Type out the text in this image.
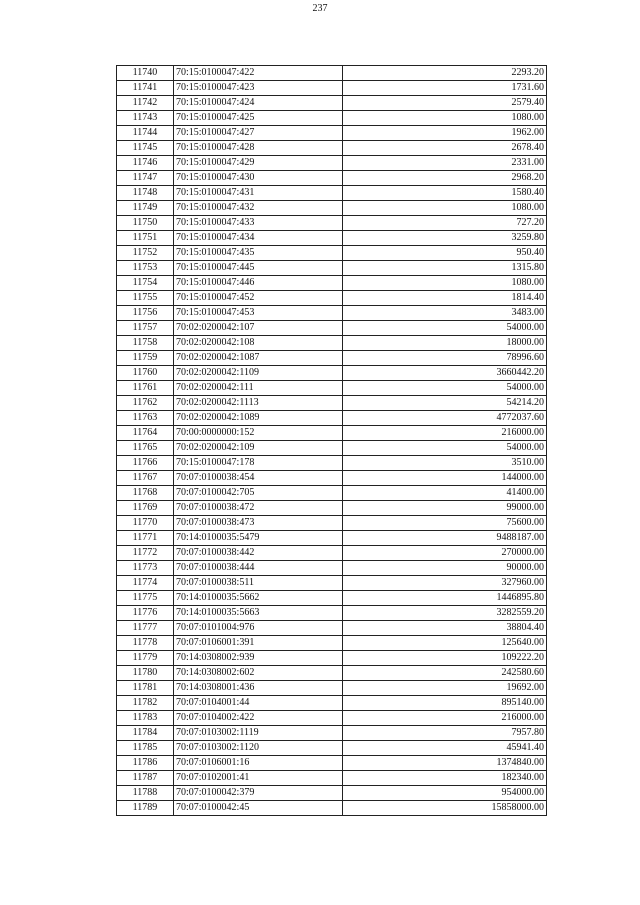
237
11740	70:15:0100047:422	2293.20
11741	70:15:0100047:423	1731.60
11742	70:15:0100047:424	2579.40
11743	70:15:0100047:425	1080.00
11744	70:15:0100047:427	1962.00
11745	70:15:0100047:428	2678.40
11746	70:15:0100047:429	2331.00
11747	70:15:0100047:430	2968.20
11748	70:15:0100047:431	1580.40
11749	70:15:0100047:432	1080.00
11750	70:15:0100047:433	727.20
11751	70:15:0100047:434	3259.80
11752	70:15:0100047:435	950.40
11753	70:15:0100047:445	1315.80
11754	70:15:0100047:446	1080.00
11755	70:15:0100047:452	1814.40
11756	70:15:0100047:453	3483.00
11757	70:02:0200042:107	54000.00
11758	70:02:0200042:108	18000.00
11759	70:02:0200042:1087	78996.60
11760	70:02:0200042:1109	3660442.20
11761	70:02:0200042:111	54000.00
11762	70:02:0200042:1113	54214.20
11763	70:02:0200042:1089	4772037.60
11764	70:00:0000000:152	216000.00
11765	70:02:0200042:109	54000.00
11766	70:15:0100047:178	3510.00
11767	70:07:0100038:454	144000.00
11768	70:07:0100042:705	41400.00
11769	70:07:0100038:472	99000.00
11770	70:07:0100038:473	75600.00
11771	70:14:0100035:5479	9488187.00
11772	70:07:0100038:442	270000.00
11773	70:07:0100038:444	90000.00
11774	70:07:0100038:511	327960.00
11775	70:14:0100035:5662	1446895.80
11776	70:14:0100035:5663	3282559.20
11777	70:07:0101004:976	38804.40
11778	70:07:0106001:391	125640.00
11779	70:14:0308002:939	109222.20
11780	70:14:0308002:602	242580.60
11781	70:14:0308001:436	19692.00
11782	70:07:0104001:44	895140.00
11783	70:07:0104002:422	216000.00
11784	70:07:0103002:1119	7957.80
11785	70:07:0103002:1120	45941.40
11786	70:07:0106001:16	1374840.00
11787	70:07:0102001:41	182340.00
11788	70:07:0100042:379	954000.00
11789	70:07:0100042:45	15858000.00
